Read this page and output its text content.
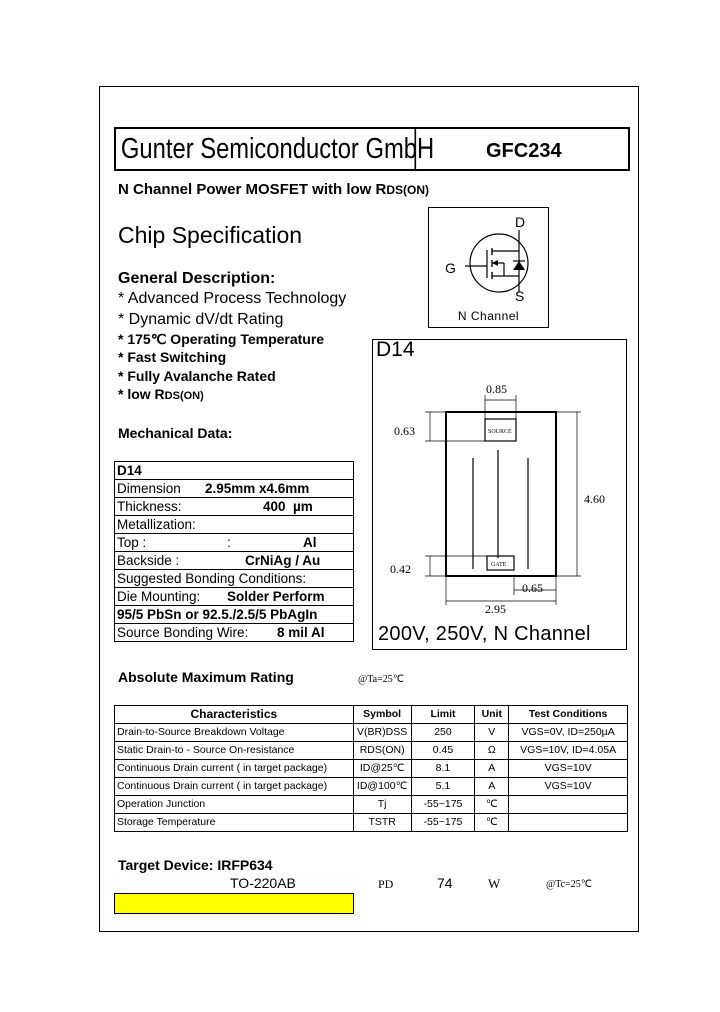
Gunter Semiconductor GmbH	GFC234
N Channel Power MOSFET with low RDS(ON)
Chip Specification
General Description:
* Advanced Process Technology
* Dynamic dV/dt Rating
* 175℃ Operating Temperature
* Fast Switching
* Fully Avalanche Rated
* low RDS(ON)
D
G
S
N Channel
D14
SOURCE
GATE
0.85
0.63
4.60
0.42
0.65
2.95
200V, 250V, N Channel
Mechanical Data:
D14
Dimension 2.95mm x4.6mm
Thickness:	400  µm
Metallization:
Top :	:	Al
Backside :	CrNiAg / Au
Suggested Bonding Conditions:
Die Mounting: Solder Perform
95/5 PbSn or 92.5./2.5/5 PbAgIn
Source Bonding Wire: 8 mil Al
Absolute Maximum Rating	@Ta=25℃
Characteristics	Symbol	Limit	Unit	Test Conditions
Drain-to-Source Breakdown Voltage	V(BR)DSS	250	V	VGS=0V, ID=250µA
Static Drain-to - Source On-resistance	RDS(ON)	0.45	Ω	VGS=10V, ID=4.05A
Continuous Drain current ( in target package)	ID@25℃	8.1	A	VGS=10V
Continuous Drain current ( in target package)	ID@100℃	5.1	A	VGS=10V
Operation Junction	Tj	-55~175	℃	
Storage Temperature	TSTR	-55~175	℃	
Target Device: IRFP634
TO-220AB	PD	74	W	@Tc=25℃
